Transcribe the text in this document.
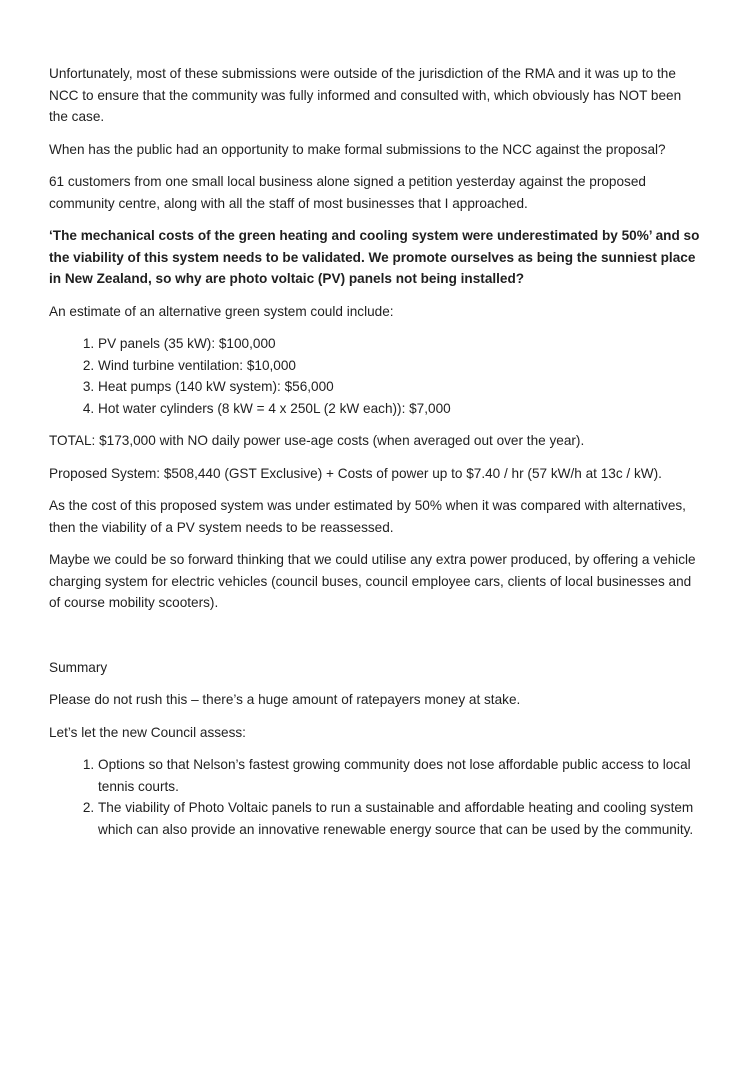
Unfortunately, most of these submissions were outside of the jurisdiction of the RMA and it was up to the NCC to ensure that the community was fully informed and consulted with, which obviously has NOT been the case.

When has the public had an opportunity to make formal submissions to the NCC against the proposal?

61 customers from one small local business alone signed a petition yesterday against the proposed community centre, along with all the staff of most businesses that I approached.

‘The mechanical costs of the green heating and cooling system were underestimated by 50%’ and so the viability of this system needs to be validated. We promote ourselves as being the sunniest place in New Zealand, so why are photo voltaic (PV) panels not being installed?

An estimate of an alternative green system could include:

1. PV panels (35 kW): $100,000
2. Wind turbine ventilation: $10,000
3. Heat pumps (140 kW system): $56,000
4. Hot water cylinders (8 kW = 4 x 250L (2 kW each)): $7,000

TOTAL: $173,000 with NO daily power use-age costs (when averaged out over the year).

Proposed System: $508,440 (GST Exclusive) + Costs of power up to $7.40 / hr (57 kW/h at 13c / kW).

As the cost of this proposed system was under estimated by 50% when it was compared with alternatives, then the viability of a PV system needs to be reassessed.

Maybe we could be so forward thinking that we could utilise any extra power produced, by offering a vehicle charging system for electric vehicles (council buses, council employee cars, clients of local businesses and of course mobility scooters).

Summary

Please do not rush this – there’s a huge amount of ratepayers money at stake.

Let’s let the new Council assess:

1. Options so that Nelson’s fastest growing community does not lose affordable public access to local tennis courts.
2. The viability of Photo Voltaic panels to run a sustainable and affordable heating and cooling system which can also provide an innovative renewable energy source that can be used by the community.
